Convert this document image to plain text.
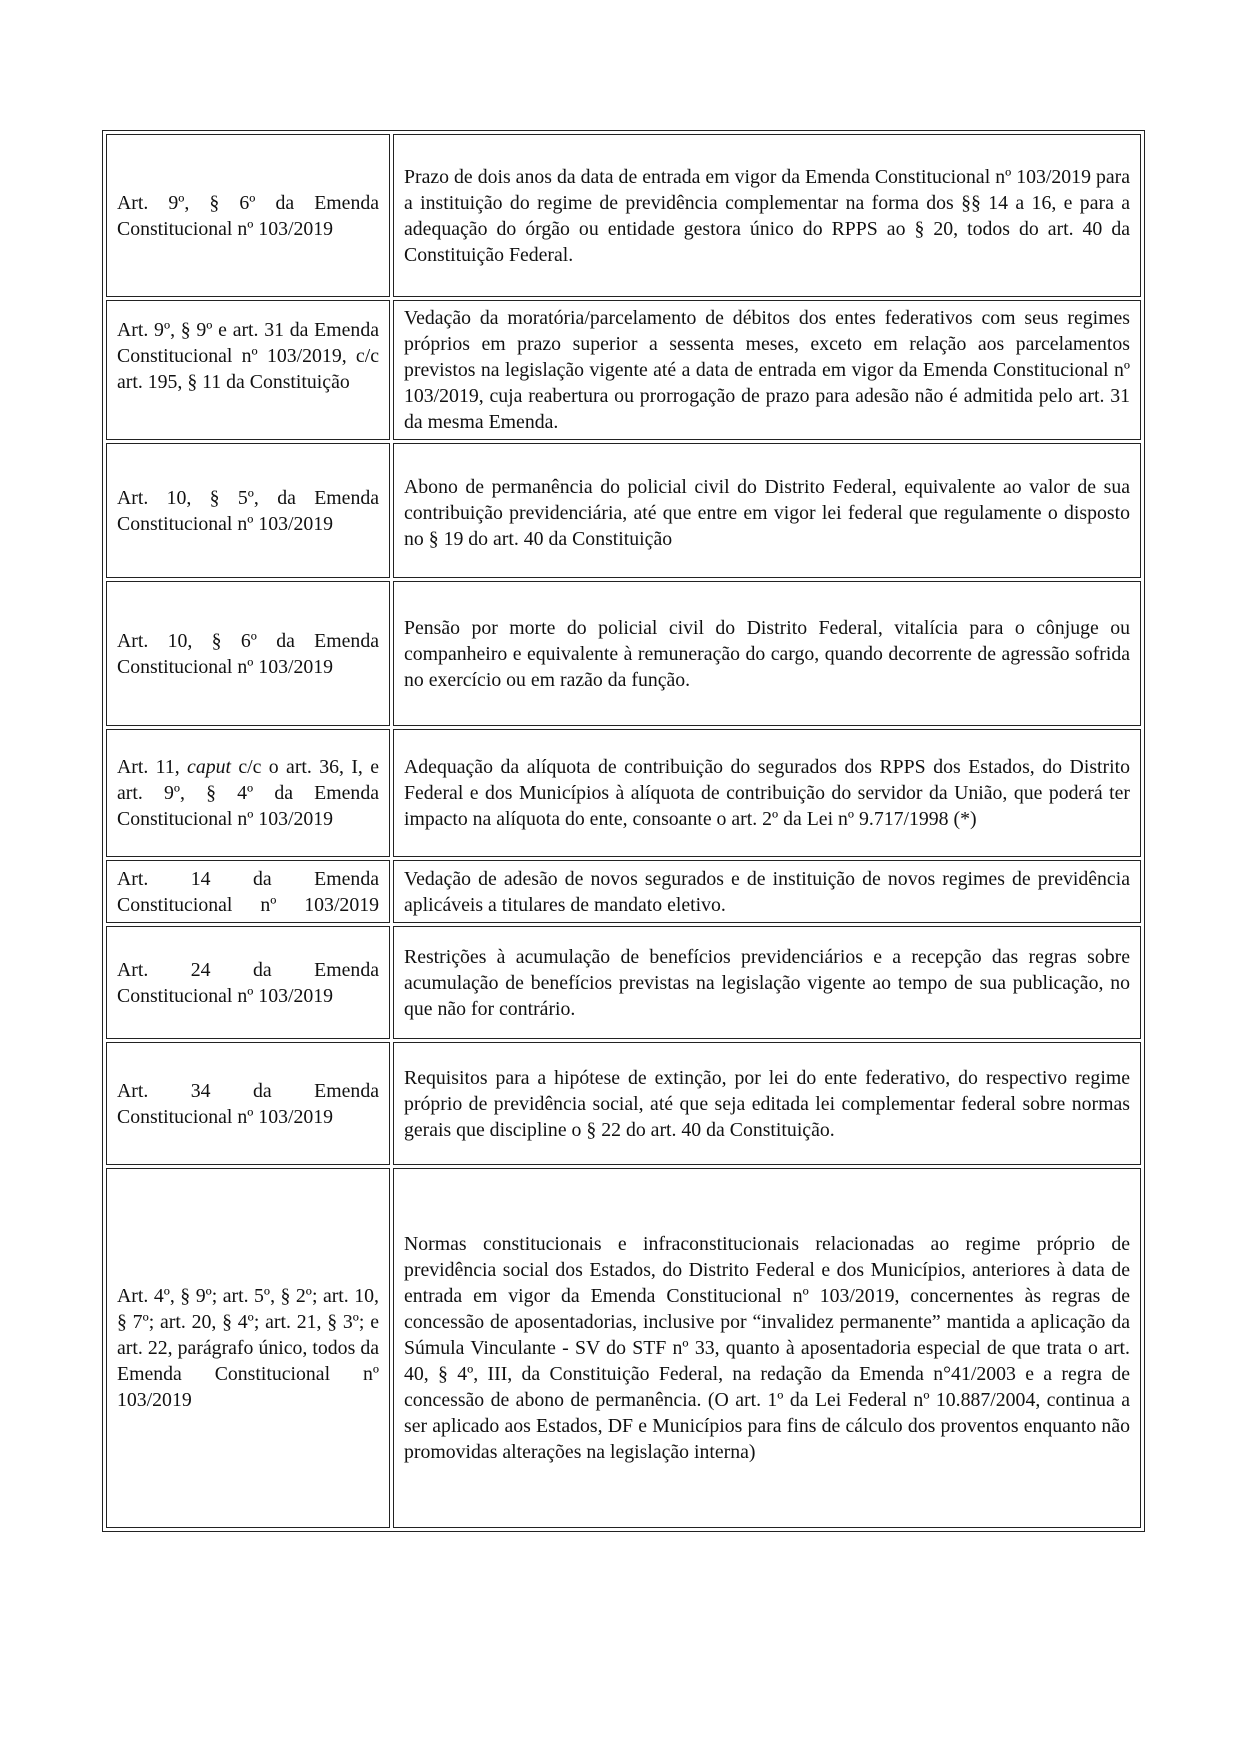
Art. 9º, § 6º da Emenda Constitucional nº 103/2019	Prazo de dois anos da data de entrada em vigor da Emenda Constitucional nº 103/2019 para a instituição do regime de previdência complementar na forma dos §§ 14 a 16, e para a adequação do órgão ou entidade gestora único do RPPS ao § 20, todos do art. 40 da Constituição Federal.
Art. 9º, § 9º e art. 31 da Emenda Constitucional nº 103/2019, c/c art. 195, § 11 da Constituição	Vedação da moratória/parcelamento de débitos dos entes federativos com seus regimes próprios em prazo superior a sessenta meses, exceto em relação aos parcelamentos previstos na legislação vigente até a data de entrada em vigor da Emenda Constitucional nº 103/2019, cuja reabertura ou prorrogação de prazo para adesão não é admitida pelo art. 31 da mesma Emenda.
Art. 10, § 5º, da Emenda Constitucional nº 103/2019	Abono de permanência do policial civil do Distrito Federal, equivalente ao valor de sua contribuição previdenciária, até que entre em vigor lei federal que regulamente o disposto no § 19 do art. 40 da Constituição
Art. 10, § 6º da Emenda Constitucional nº 103/2019	Pensão por morte do policial civil do Distrito Federal, vitalícia para o cônjuge ou companheiro e equivalente à remuneração do cargo, quando decorrente de agressão sofrida no exercício ou em razão da função.
Art. 11, caput c/c o art. 36, I, e art. 9º, § 4º da Emenda Constitucional nº 103/2019	Adequação da alíquota de contribuição do segurados dos RPPS dos Estados, do Distrito Federal e dos Municípios à alíquota de contribuição do servidor da União, que poderá ter impacto na alíquota do ente, consoante o art. 2º da Lei nº 9.717/1998 (*)
Art. 14 da Emenda Constitucional nº 103/2019	Vedação de adesão de novos segurados e de instituição de novos regimes de previdência aplicáveis a titulares de mandato eletivo.
Art. 24 da Emenda Constitucional nº 103/2019	Restrições à acumulação de benefícios previdenciários e a recepção das regras sobre acumulação de benefícios previstas na legislação vigente ao tempo de sua publicação, no que não for contrário.
Art. 34 da Emenda Constitucional nº 103/2019	Requisitos para a hipótese de extinção, por lei do ente federativo, do respectivo regime próprio de previdência social, até que seja editada lei complementar federal sobre normas gerais que discipline o § 22 do art. 40 da Constituição.
Art. 4º, § 9º; art. 5º, § 2º; art. 10, § 7º; art. 20, § 4º; art. 21, § 3º; e art. 22, parágrafo único, todos da Emenda Constitucional nº 103/2019	Normas constitucionais e infraconstitucionais relacionadas ao regime próprio de previdência social dos Estados, do Distrito Federal e dos Municípios, anteriores à data de entrada em vigor da Emenda Constitucional nº 103/2019, concernentes às regras de concessão de aposentadorias, inclusive por “invalidez permanente” mantida a aplicação da Súmula Vinculante - SV do STF nº 33, quanto à aposentadoria especial de que trata o art. 40, § 4º, III, da Constituição Federal, na redação da Emenda n°41/2003 e a regra de concessão de abono de permanência. (O art. 1º da Lei Federal nº 10.887/2004, continua a ser aplicado aos Estados, DF e Municípios para fins de cálculo dos proventos enquanto não promovidas alterações na legislação interna)
